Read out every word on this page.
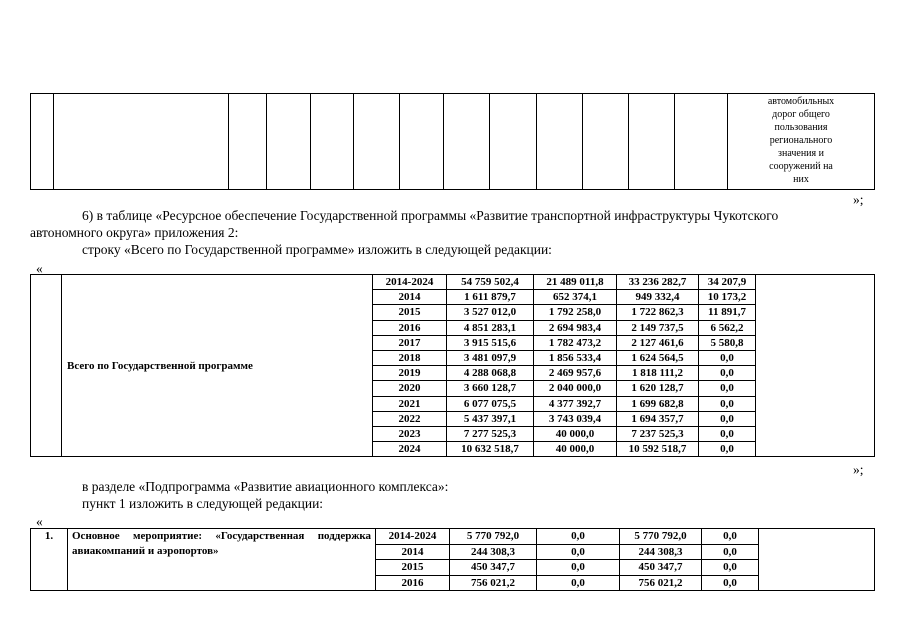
автомобильных
дорог общего
пользования
регионального
значения и
сооружений на
них
»;
6) в таблице «Ресурсное обеспечение Государственной программы «Развитие транспортной инфраструктуры Чукотского
автономного округа» приложения 2:
строку «Всего по Государственной программе» изложить в следующей редакции:
«
	Всего по Государственной программе	2014-2024	54 759 502,4	21 489 011,8	33 236 282,7	34 207,9	
		2014	1 611 879,7	652 374,1	949 332,4	10 173,2	
		2015	3 527 012,0	1 792 258,0	1 722 862,3	11 891,7	
		2016	4 851 283,1	2 694 983,4	2 149 737,5	6 562,2	
		2017	3 915 515,6	1 782 473,2	2 127 461,6	5 580,8	
		2018	3 481 097,9	1 856 533,4	1 624 564,5	0,0	
		2019	4 288 068,8	2 469 957,6	1 818 111,2	0,0	
		2020	3 660 128,7	2 040 000,0	1 620 128,7	0,0	
		2021	6 077 075,5	4 377 392,7	1 699 682,8	0,0	
		2022	5 437 397,1	3 743 039,4	1 694 357,7	0,0	
		2023	7 277 525,3	40 000,0	7 237 525,3	0,0	
		2024	10 632 518,7	40 000,0	10 592 518,7	0,0	
»;
в разделе «Подпрограмма «Развитие авиационного комплекса»:
пункт 1 изложить в следующей редакции:
«
1.	Основное мероприятие: «Государственная поддержка авиакомпаний и аэропортов»	2014-2024	5 770 792,0	0,0	5 770 792,0	0,0	
		2014	244 308,3	0,0	244 308,3	0,0	
		2015	450 347,7	0,0	450 347,7	0,0	
		2016	756 021,2	0,0	756 021,2	0,0	
